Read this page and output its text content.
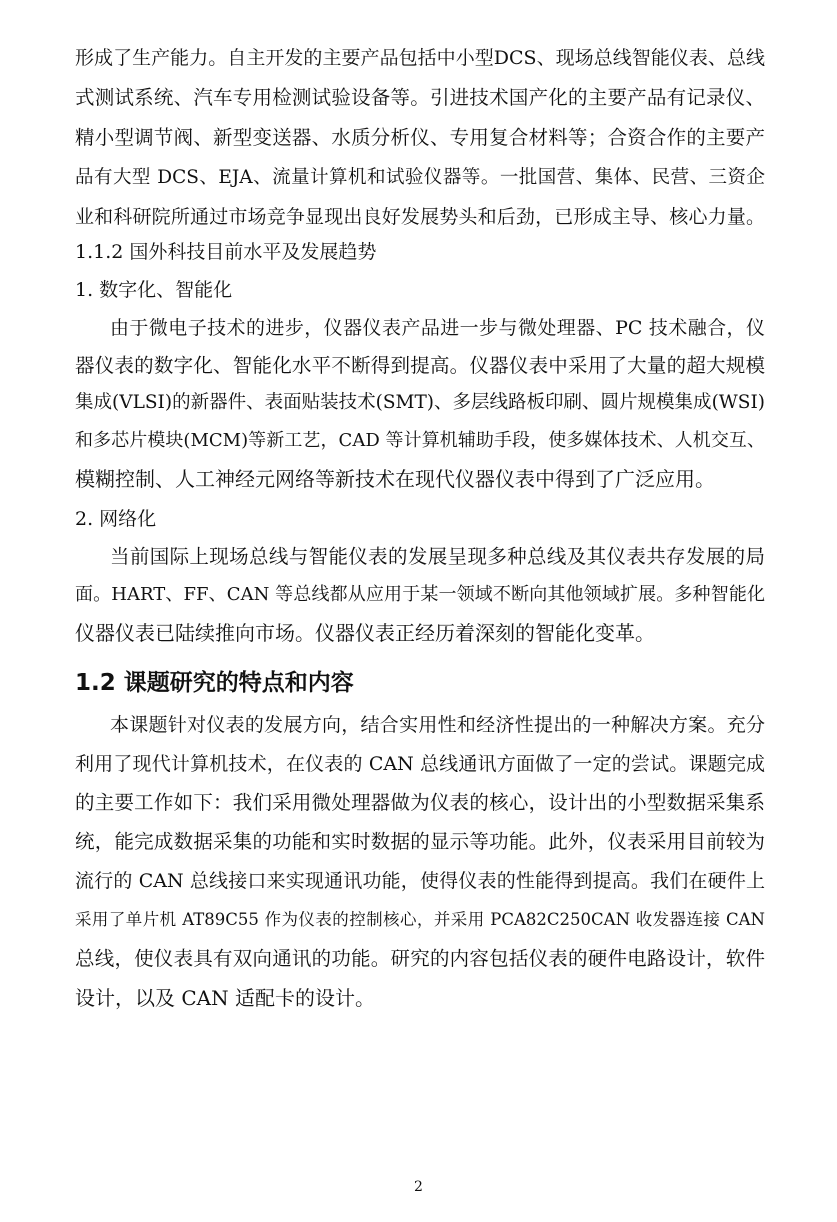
形成了生产能力。自主开发的主要产品包括中小型DCS、现场总线智能仪表、总线
式测试系统、汽车专用检测试验设备等。引进技术国产化的主要产品有记录仪、
精小型调节阀、新型变送器、水质分析仪、专用复合材料等；合资合作的主要产
品有大型 DCS、EJA、流量计算机和试验仪器等。一批国营、集体、民营、三资企
业和科研院所通过市场竞争显现出良好发展势头和后劲，已形成主导、核心力量。
1.1.2 国外科技目前水平及发展趋势
1. 数字化、智能化
由于微电子技术的进步，仪器仪表产品进一步与微处理器、PC 技术融合，仪
器仪表的数字化、智能化水平不断得到提高。仪器仪表中采用了大量的超大规模
集成(VLSI)的新器件、表面贴装技术(SMT)、多层线路板印刷、圆片规模集成(WSI)
和多芯片模块(MCM)等新工艺，CAD 等计算机辅助手段，使多媒体技术、人机交互、
模糊控制、人工神经元网络等新技术在现代仪器仪表中得到了广泛应用。
2. 网络化
当前国际上现场总线与智能仪表的发展呈现多种总线及其仪表共存发展的局
面。HART、FF、CAN 等总线都从应用于某一领域不断向其他领域扩展。多种智能化
仪器仪表已陆续推向市场。仪器仪表正经历着深刻的智能化变革。
1.2 课题研究的特点和内容
本课题针对仪表的发展方向，结合实用性和经济性提出的一种解决方案。充分
利用了现代计算机技术，在仪表的 CAN 总线通讯方面做了一定的尝试。课题完成
的主要工作如下：我们采用微处理器做为仪表的核心，设计出的小型数据采集系
统，能完成数据采集的功能和实时数据的显示等功能。此外，仪表采用目前较为
流行的 CAN 总线接口来实现通讯功能，使得仪表的性能得到提高。我们在硬件上
采用了单片机 AT89C55 作为仪表的控制核心，并采用 PCA82C250CAN 收发器连接 CAN
总线，使仪表具有双向通讯的功能。研究的内容包括仪表的硬件电路设计，软件
设计，以及 CAN 适配卡的设计。
2
